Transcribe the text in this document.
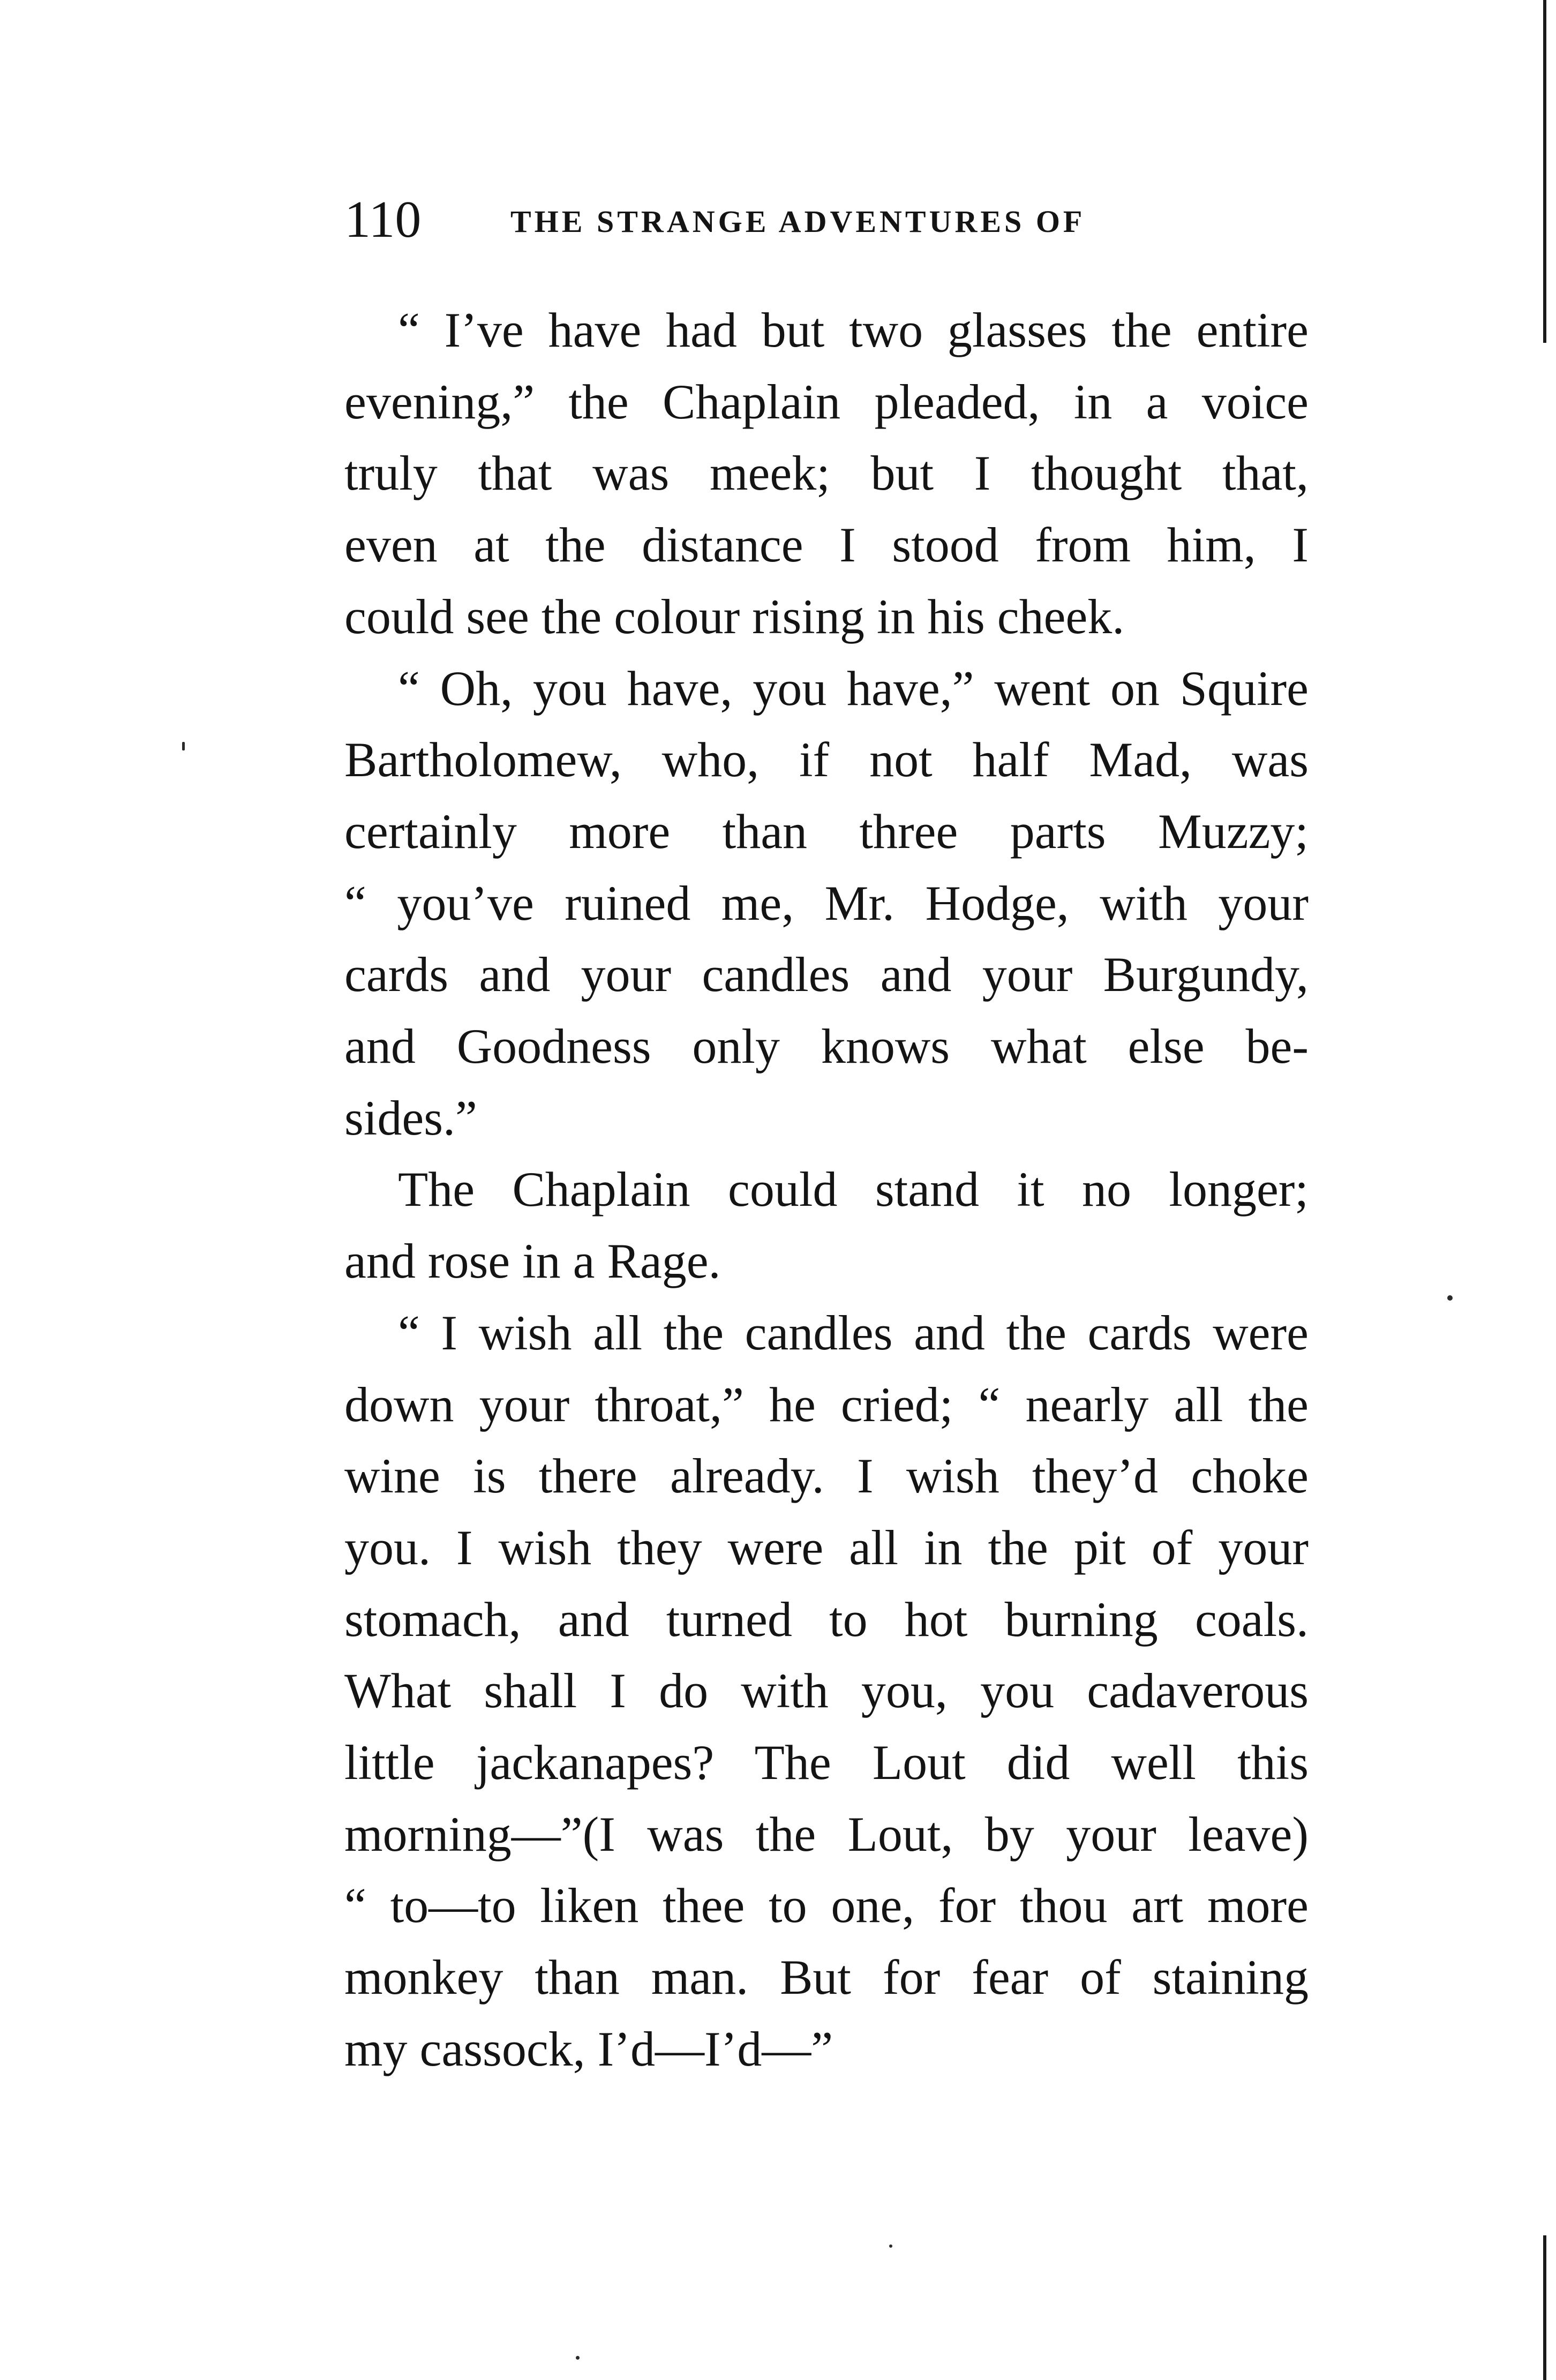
110	THE STRANGE ADVENTURES OF

“ I’ve have had but two glasses the entire
evening,” the Chaplain pleaded, in a voice
truly that was meek; but I thought that,
even at the distance I stood from him, I
could see the colour rising in his cheek.

“ Oh, you have, you have,” went on Squire
Bartholomew, who, if not half Mad, was
certainly more than three parts Muzzy;
“ you’ve ruined me, Mr. Hodge, with your
cards and your candles and your Burgundy,
and Goodness only knows what else be-
sides.”

The Chaplain could stand it no longer;
and rose in a Rage.

“ I wish all the candles and the cards were
down your throat,” he cried; “ nearly all the
wine is there already. I wish they’d choke
you. I wish they were all in the pit of your
stomach, and turned to hot burning coals.
What shall I do with you, you cadaverous
little jackanapes? The Lout did well this
morning—”(I was the Lout, by your leave)
“ to—to liken thee to one, for thou art more
monkey than man. But for fear of staining
my cassock, I’d—I’d—”
